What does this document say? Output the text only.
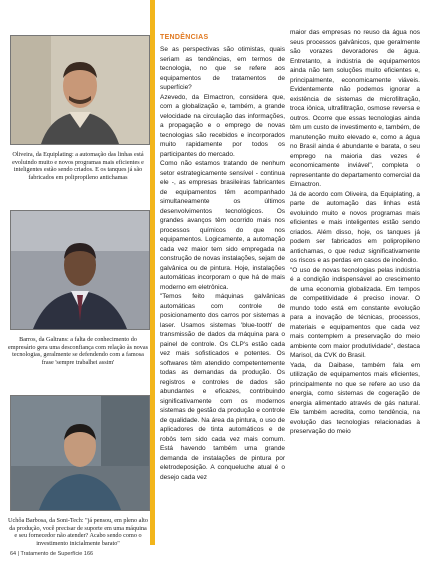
Oliveira, da Equiplating: a automação das linhas está evoluindo muito e novos programas mais eficientes e inteligentes estão sendo criados. E os tanques já são fabricados em polipropileno antichamas

Barros, da Galtrans: a falta de conhecimento do empresário gera uma desconfiança com relação às novas tecnologias, geralmente se defendendo com a famosa frase 'sempre trabalhei assim'

Uchôa Barbosa, da Soni-Tech: "já pensou, em pleno alto da produção, você precisar de suporte em uma máquina e seu fornecedor não atender? Acabo sendo como o investimento inicialmente barato"

TENDÊNCIAS

Se as perspectivas são otimistas, quais seriam as tendências, em termos de tecnologia, no que se refere aos equipamentos de tratamentos de superfície?

Azevedo, da Elmactron, considera que, com a globalização e, também, a grande velocidade na circulação das informações, a propagação e o emprego de novas tecnologias são recebidos e incorporados muito rapidamente por todos os participantes do mercado.

Como não estamos tratando de nenhum setor estrategicamente sensível - continua ele -, as empresas brasileiras fabricantes de equipamentos têm acompanhado simultaneamente os últimos desenvolvimentos tecnológicos. Os grandes avanços têm ocorrido mais nos processos químicos do que nos equipamentos. Logicamente, a automação cada vez maior tem sido empregada na construção de novas instalações, sejam de galvânica ou de pintura. Hoje, instalações automáticas incorporam o que há de mais moderno em eletrônica.

"Temos feito máquinas galvânicas automáticas com controle de posicionamento dos carros por sistemas a laser. Usamos sistemas 'blue-tooth' de transmissão de dados da máquina para o painel de controle. Os CLP's estão cada vez mais sofisticados e potentes. Os softwares têm atendido competentemente todas as demandas da produção. Os registros e controles de dados são abundantes e eficazes, contribuindo significativamente com os modernos sistemas de gestão da produção e controle de qualidade. Na área da pintura, o uso de aplicadores de tinta automáticos e de robôs tem sido cada vez mais comum. Está havendo também uma grande demanda de instalações de pintura por eletrodeposição. A conqueluche atual é o desejo cada vez

maior das empresas no reuso da água nos seus processos galvânicos, que geralmente são vorazes devoradores de água. Entretanto, a indústria de equipamentos ainda não tem soluções muito eficientes e, principalmente, economicamente viáveis. Evidentemente não podemos ignorar a existência de sistemas de microfiltração, troca iônica, ultrafiltração, osmose reversa e outros. Ocorre que essas tecnologias ainda têm um custo de investimento e, também, de manutenção muito elevado e, como a água no Brasil ainda é abundante e barata, o seu emprego na maioria das vezes é economicamente inviável", completa o representante do departamento comercial da Elmactron.

Já de acordo com Oliveira, da Equiplating, a parte de automação das linhas está evoluindo muito e novos programas mais eficientes e mais inteligentes estão sendo criados. Além disso, hoje, os tanques já podem ser fabricados em polipropileno antichamas, o que reduz significativamente os riscos e as perdas em casos de incêndio.

"O uso de novas tecnologias pelas indústria é a condição indispensável ao crescimento de uma economia globalizada. Em tempos de competitividade é preciso inovar. O mundo todo está em constante evolução para a inovação de técnicas, processos, materiais e equipamentos que cada vez mais contemplem a preservação do meio ambiente com maior produtividade", destaca Marisol, da CVK do Brasil.

Yada, da Daibase, também fala em utilização de equipamentos mais eficientes, principalmente no que se refere ao uso da energia, como sistemas de cogeração de energia alimentado através de gás natural. Ele também acredita, como tendência, na evolução das tecnologias relacionadas à preservação do meio

64 | Tratamento de Superfície 166
